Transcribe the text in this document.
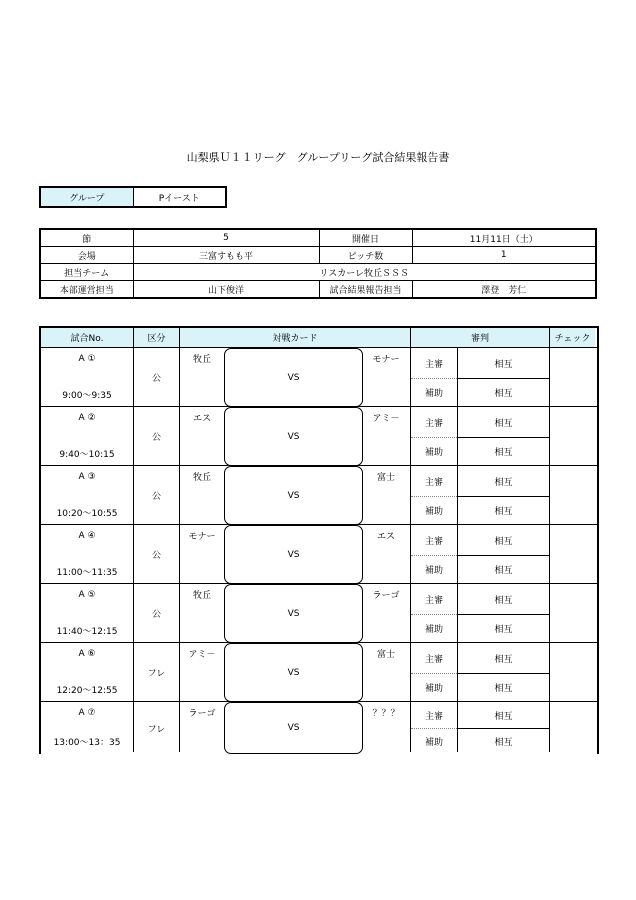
山梨県Ｕ１１リーグ　グループリーグ試合結果報告書
グループ	Pイースト
節	5	開催日	11月11日（土）
会場	三富すもも平	ピッチ数	1
担当チーム	リスカーレ牧丘ＳＳＳ		
本部運営担当	山下俊洋	試合結果報告担当	澤登　芳仁
試合No.	区分	対戦カード	審判	チェック
A ①
9:00～9:35
公
牧丘	モナー
VS
主審	相互
補助	相互
A ②
9:40～10:15
公
エス	アミ－
VS
主審	相互
補助	相互
A ③
10:20～10:55
公
牧丘	富士
VS
主審	相互
補助	相互
A ④
11:00～11:35
公
モナー	エス
VS
主審	相互
補助	相互
A ⑤
11:40～12:15
公
牧丘	ラーゴ
VS
主審	相互
補助	相互
A ⑥
12:20～12:55
フレ
アミ－	富士
VS
主審	相互
補助	相互
A ⑦
13:00～13：35
フレ
ラーゴ	？？？
VS
主審	相互
補助	相互
